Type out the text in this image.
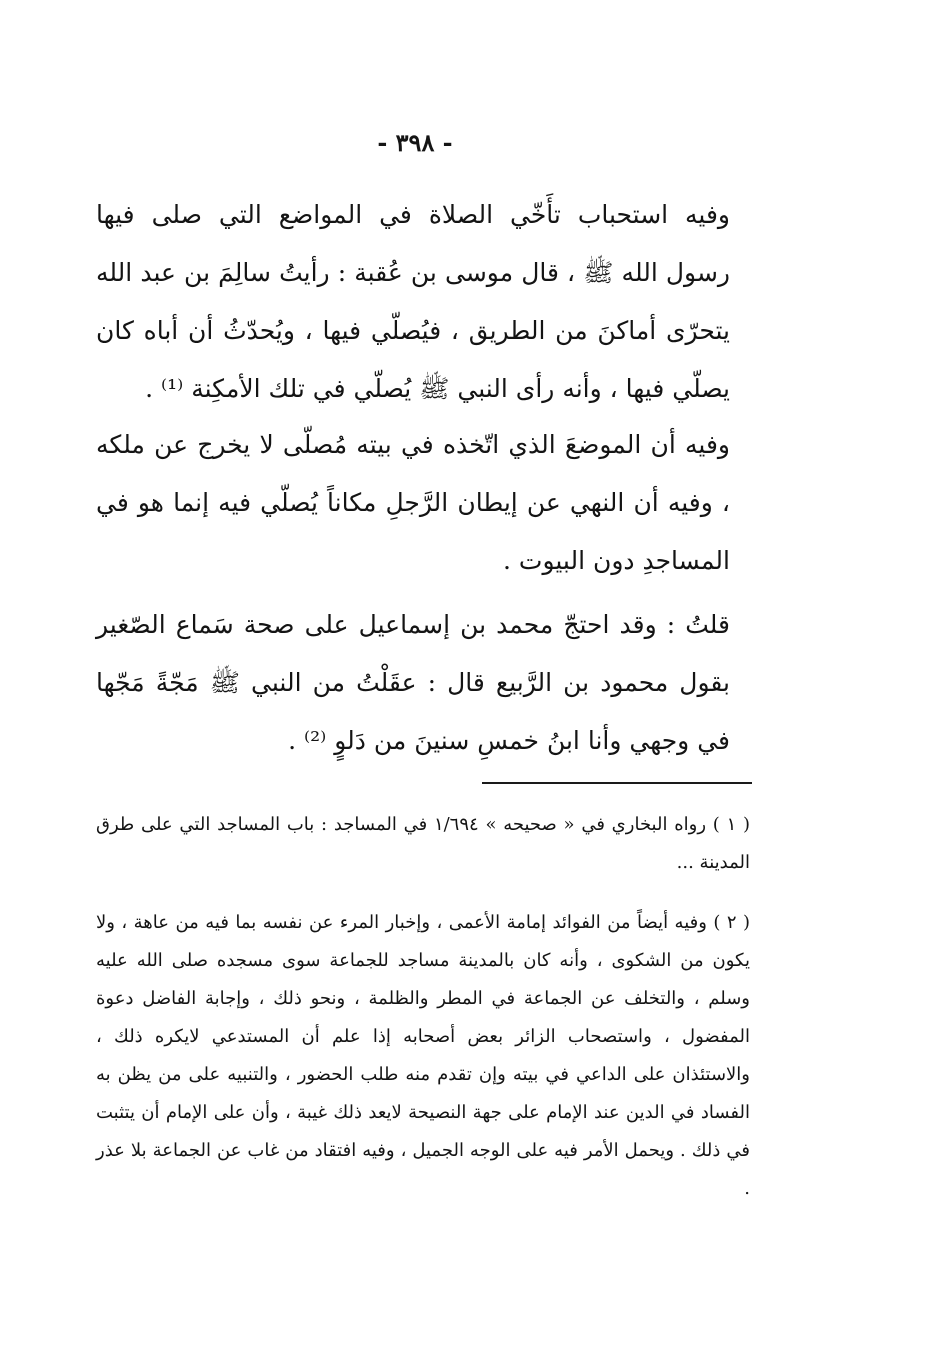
- ٣٩٨ -

وفيه استحباب تأَخّي الصلاة في المواضع التي صلى فيها رسول الله ﷺ ، قال موسى بن عُقبة : رأيتُ سالِمَ بن عبد الله يتحرّى أماكنَ من الطريق ، فيُصلّي فيها ، ويُحدّثُ أن أباه كان يصلّي فيها ، وأنه رأى النبي ﷺ يُصلّي في تلك الأمكِنة ⁽¹⁾ .

وفيه أن الموضعَ الذي اتّخذه في بيته مُصلّى لا يخرج عن ملكه ، وفيه أن النهي عن إيطان الرَّجلِ مكاناً يُصلّي فيه إنما هو في المساجدِ دون البيوت .

قلتُ : وقد احتجّ محمد بن إسماعيل على صحة سَماع الصّغير بقول محمود بن الرَّبيع قال : عقَلْتُ من النبي ﷺ مَجّةً مَجّها في وجهي وأنا ابنُ خمسِ سنينَ من دَلوٍ ⁽²⁾ .

( ١ ) رواه البخاري في « صحيحه » ١/٦٩٤ في المساجد : باب المساجد التي على طرق المدينة ...

( ٢ ) وفيه أيضاً من الفوائد إمامة الأعمى ، وإخبار المرء عن نفسه بما فيه من عاهة ، ولا يكون من الشكوى ، وأنه كان بالمدينة مساجد للجماعة سوى مسجده صلى الله عليه وسلم ، والتخلف عن الجماعة في المطر والظلمة ، ونحو ذلك ، وإجابة الفاضل دعوة المفضول ، واستصحاب الزائر بعض أصحابه إذا علم أن المستدعي لايكره ذلك ، والاستئذان على الداعي في بيته وإن تقدم منه طلب الحضور ، والتنبيه على من يظن به الفساد في الدين عند الإمام على جهة النصيحة لايعد ذلك غيبة ، وأن على الإمام أن يتثبت في ذلك . ويحمل الأمر فيه على الوجه الجميل ، وفيه افتقاد من غاب عن الجماعة بلا عذر .
